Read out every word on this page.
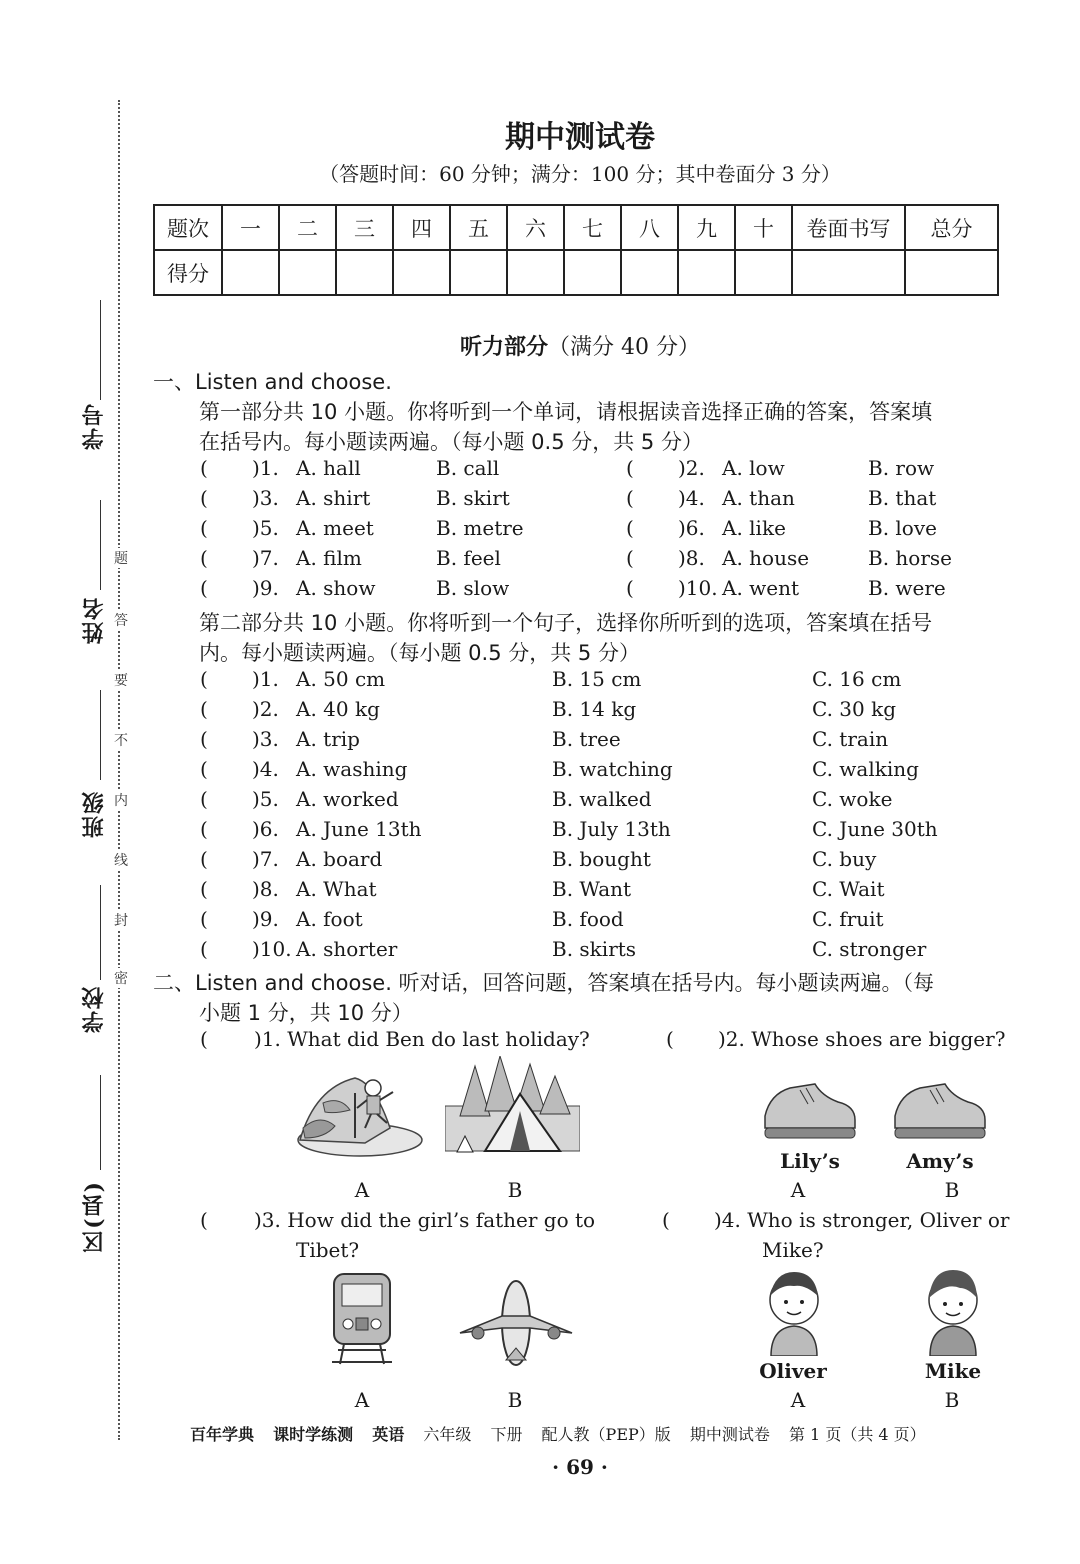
学号
姓名
班级
学校
区(县)
题
答
要
不
内
线
封
密
期中测试卷
（答题时间：60 分钟；满分：100 分；其中卷面分 3 分）
题次	一	二	三	四	五	六	七	八	九	十	卷面书写	总分
得分												
听力部分（满分 40 分）
一、Listen and choose.
第一部分共 10 小题。你将听到一个单词，请根据读音选择正确的答案，答案填
在括号内。每小题读两遍。（每小题 0.5 分，共 5 分）
( )1. A. hall	B. call	( )2. A. low	B. row
( )3. A. shirt	B. skirt	( )4. A. than	B. that
( )5. A. meet	B. metre	( )6. A. like	B. love
( )7. A. film	B. feel	( )8. A. house	B. horse
( )9. A. show	B. slow	( )10. A. went	B. were
第二部分共 10 小题。你将听到一个句子，选择你所听到的选项，答案填在括号
内。每小题读两遍。（每小题 0.5 分，共 5 分）
( )1. A. 50 cm	B. 15 cm	C. 16 cm
( )2. A. 40 kg	B. 14 kg	C. 30 kg
( )3. A. trip	B. tree	C. train
( )4. A. washing	B. watching	C. walking
( )5. A. worked	B. walked	C. woke
( )6. A. June 13th	B. July 13th	C. June 30th
( )7. A. board	B. bought	C. buy
( )8. A. What	B. Want	C. Wait
( )9. A. foot	B. food	C. fruit
( )10. A. shorter	B. skirts	C. stronger
二、Listen and choose. 听对话，回答问题，答案填在括号内。每小题读两遍。（每
小题 1 分，共 10 分）
( )1. What did Ben do last holiday?	( )2. Whose shoes are bigger?
A	B
Lily’s	Amy’s
A	B
( )3. How did the girl’s father go to
Tibet?
( )4. Who is stronger, Oliver or
Mike?
A	B
Oliver	Mike
A	B
百年学典 课时学练测 英语 六年级 下册 配人教（PEP）版 期中测试卷 第 1 页（共 4 页）
· 69 ·
